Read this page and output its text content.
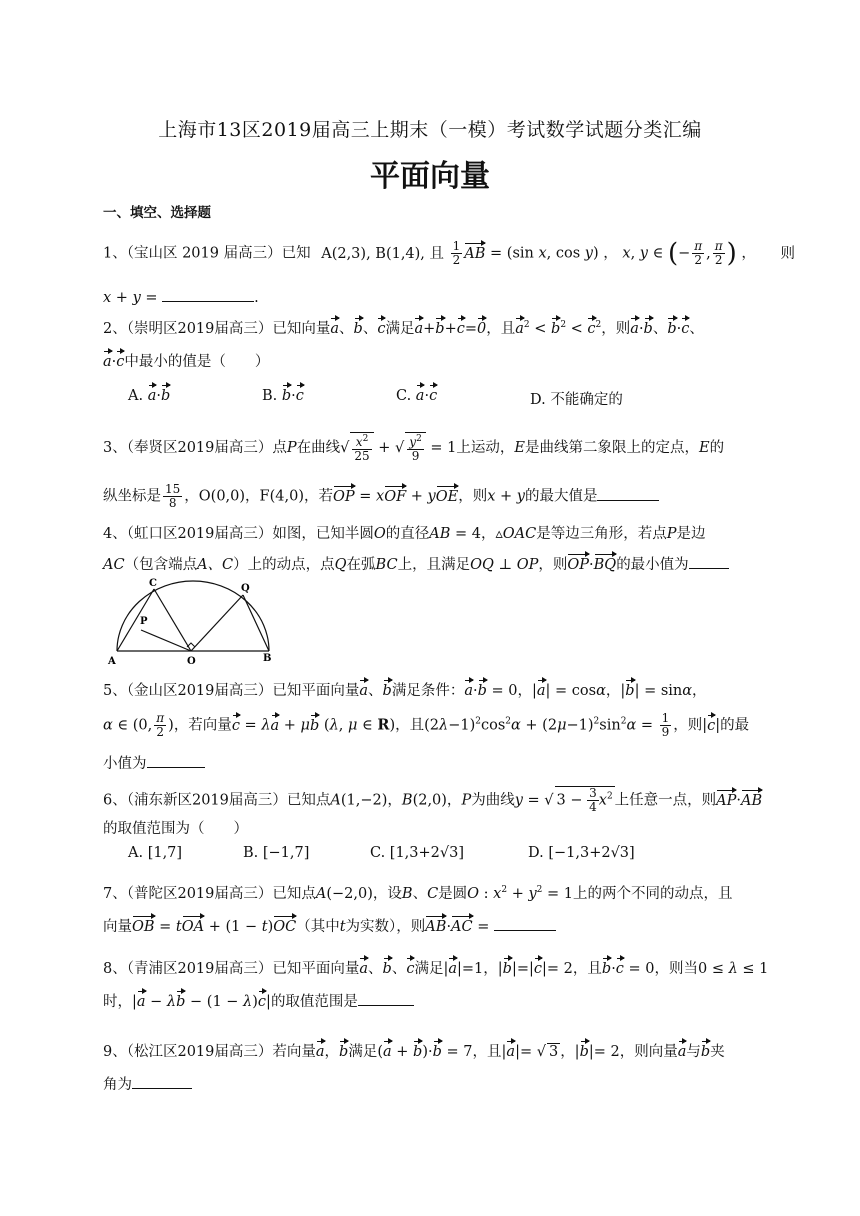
上海市13区2019届高三上期末（一模）考试数学试题分类汇编
平面向量
一、填空、选择题
1、（宝山区 2019 届高三）已知 A(2,3), B(1,4), 且 $\frac{1}{2}$ AB = (sin x, cos y) ， x, y ∈ (− $\frac{\pi}{2}$ , $\frac{\pi}{2}$ ) ， 则
x + y =	.
2、（崇明区2019届高三）已知向量a、b、c满足a+b+c=0，且$a^2 < b^2 < c^2$，则a·b、b·c、
a·c中最小的值是（　　）
A. a·b	B. b·c	C. a·c	D. 不能确定的
3、（奉贤区2019届高三）点P在曲线√ $\frac{x^2}{25}$ + √ $\frac{y^2}{9} = 1$上运动，E是曲线第二象限上的定点，E的
纵坐标是 $\frac{15}{8}$ ，O(0,0)，F(4,0)，若OP = xOF + yOE，则x + y的最大值是
4、（虹口区2019届高三）如图，已知半圆O的直径AB = 4，▵OAC是等边三角形，若点P是边
AC（包含端点A、C）上的动点，点Q在弧BC上，且满足OQ ⊥ OP，则OP·BQ的最小值为
C	Q
P
A	O	B
5、（金山区2019届高三）已知平面向量a、b满足条件：a·b = 0，|a| = cosα，|b| = sinα，
α ∈ (0, $\frac{\pi}{2}$ )，若向量c = λa + μb (λ, μ ∈ R)，且$(2\lambda-1)^2\cos^2\alpha + (2\mu-1)^2\sin^2\alpha = \frac{1}{9}$ ，则|c|的最
小值为
6、（浦东新区2019届高三）已知点A(1,−2)，B(2,0)，P为曲线y = √ $3 - \frac{3}{4} x^2$ 上任意一点，则AP·AB
的取值范围为（　　）
A. [1,7]	B. [−1,7]	C. [1,3+2√3]	D. [−1,3+2√3]
7、（普陀区2019届高三）已知点A(−2,0)，设B、C是圆O : $x^2 + y^2 = 1$上的两个不同的动点，且
向量OB = tOA + (1 − t)OC（其中t为实数），则AB·AC =
8、（青浦区2019届高三）已知平面向量a、b、c满足|a|=1，|b|=|c|= 2，且b·c = 0，则当0 ≤ λ ≤ 1
时，|a − λb − (1 − λ)c|的取值范围是
9、（松江区2019届高三）若向量a，b满足(a + b)·b = 7，且|a|= √ 3 ，|b|= 2，则向量a与b夹
角为
